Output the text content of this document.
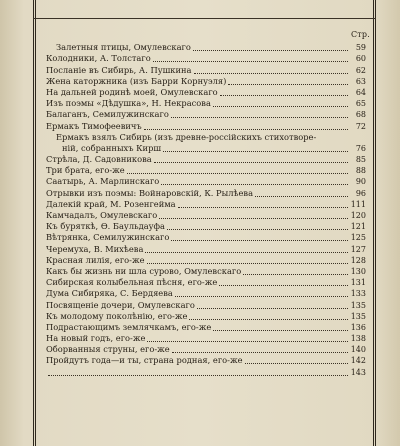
Стр.
Залетныя птицы, Омулевскаго	59
Колодники, А. Толстаго	60
Посланіе въ Сибирь, А. Пушкина	62
Жена каторжника (изъ Барри Корнуэля)	63
На дальней родинѣ моей, Омулевскаго	64
Изъ поэмы «Дѣдушка», Н. Некрасова	65
Балаганъ, Семилужинскаго	68
Ермакъ Тимофеевичъ	72
Ермакъ взялъ Сибирь (изъ древне-россійскихъ стихотворе-
ній, собранныхъ Кирш	76
Стрѣла, Д. Садовникова	85
Три брата, его-же	88
Саатырь, А. Марлинскаго	90
Отрывки изъ поэмы: Войнаровскій, К. Рылѣева	96
Далекій край, М. Розенгейма	111
Камчадалъ, Омулевскаго	120
Къ буряткѣ, Ѳ. Баульдауфа	121
Вѣтрянка, Семилужинскаго	125
Черемуха, В. Михѣева	127
Красная лилія, его-же	128
Какъ бы жизнь ни шла сурово, Омулевскаго	130
Сибирская колыбельная пѣсня, его-же	131
Дума Сибиряка, С. Бердяева	133
Посвященіе дочери, Омулевскаго	135
Къ молодому поколѣнію, его-же	135
Подрастающимъ землячкамъ, его-же	136
На новый годъ, его-же	138
Оборванныя струны, его-же	140
Пройдутъ года—и ты, страна родная, его-же	142
143
